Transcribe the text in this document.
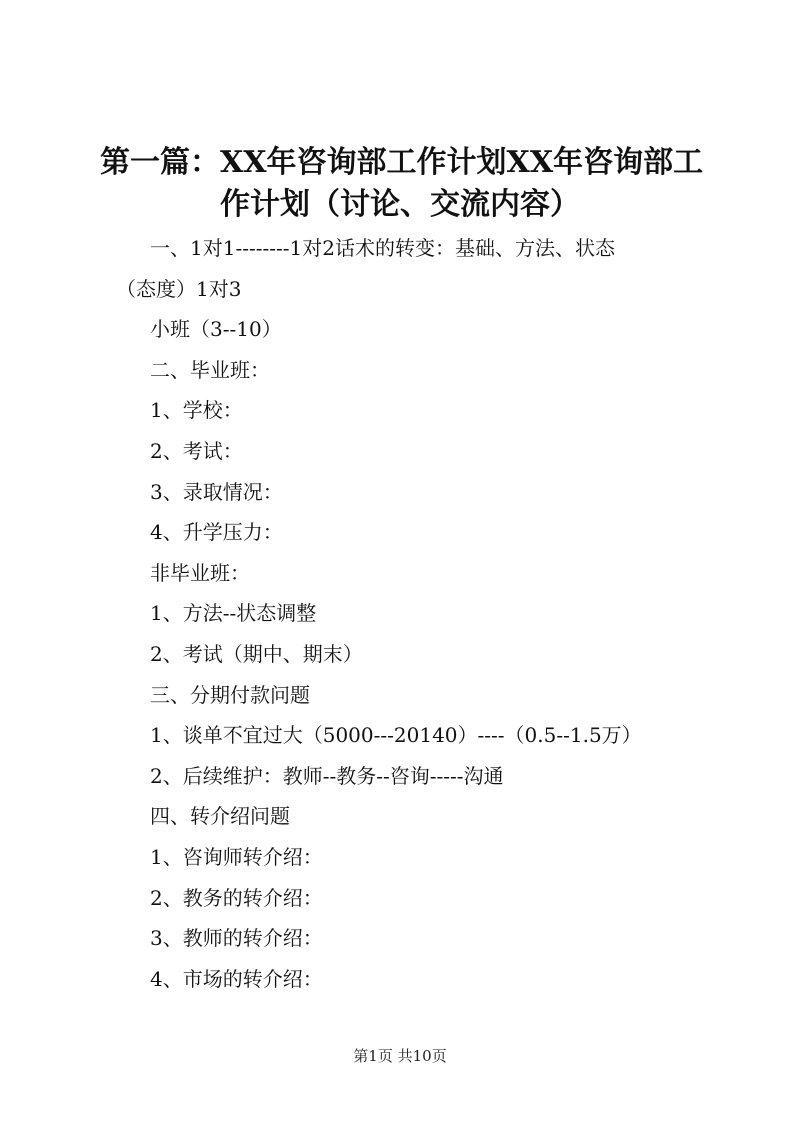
第一篇：XX年咨询部工作计划XX年咨询部工
作计划（讨论、交流内容）

一、1对1--------1对2话术的转变：基础、方法、状态

（态度）1对3

小班（3--10）

二、毕业班：

1、学校：

2、考试：

3、录取情况：

4、升学压力：

非毕业班：

1、方法--状态调整

2、考试（期中、期末）

三、分期付款问题

1、谈单不宜过大（5000---20140）----（0.5--1.5万）

2、后续维护：教师--教务--咨询-----沟通

四、转介绍问题

1、咨询师转介绍：

2、教务的转介绍：

3、教师的转介绍：

4、市场的转介绍：

第1页 共10页
